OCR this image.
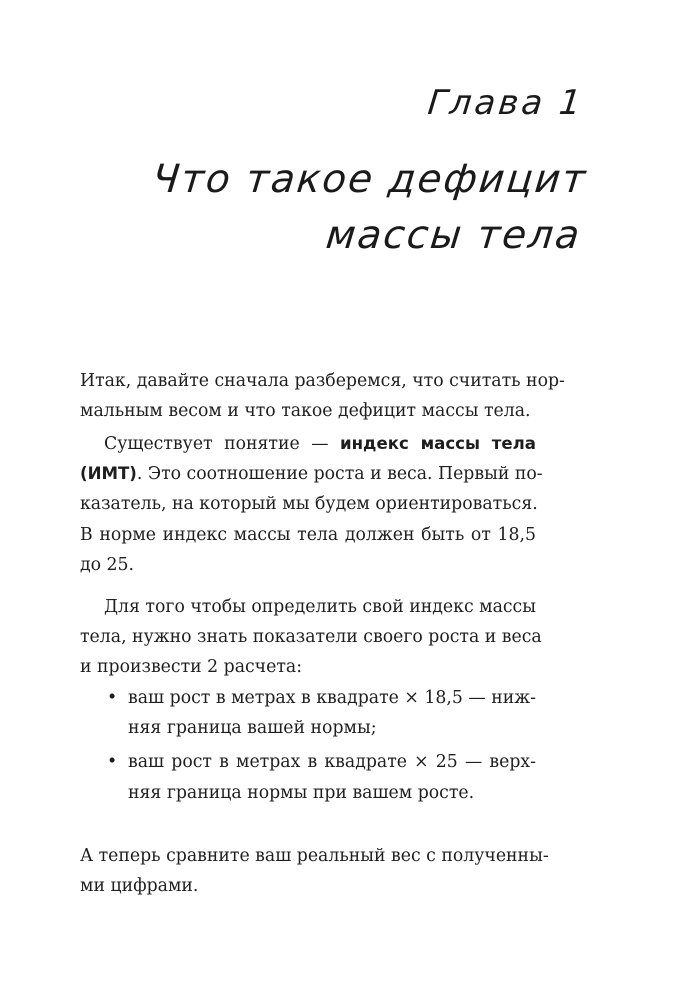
Глава 1
Что такое дефицит
массы тела

Итак, давайте сначала разберемся, что считать нор-

мальным весом и что такое дефицит массы тела.

Существует понятие — индекс массы тела

(ИМТ). Это соотношение роста и веса. Первый по-

казатель, на который мы будем ориентироваться.

В норме индекс массы тела должен быть от 18,5

до 25.

Для того чтобы определить свой индекс массы

тела, нужно знать показатели своего роста и веса

и произвести 2 расчета:

• ваш рост в метрах в квадрате × 18,5 — ниж-

няя граница вашей нормы;

• ваш рост в метрах в квадрате × 25 — верх-

няя граница нормы при вашем росте.

А теперь сравните ваш реальный вес с полученны-

ми цифрами.
